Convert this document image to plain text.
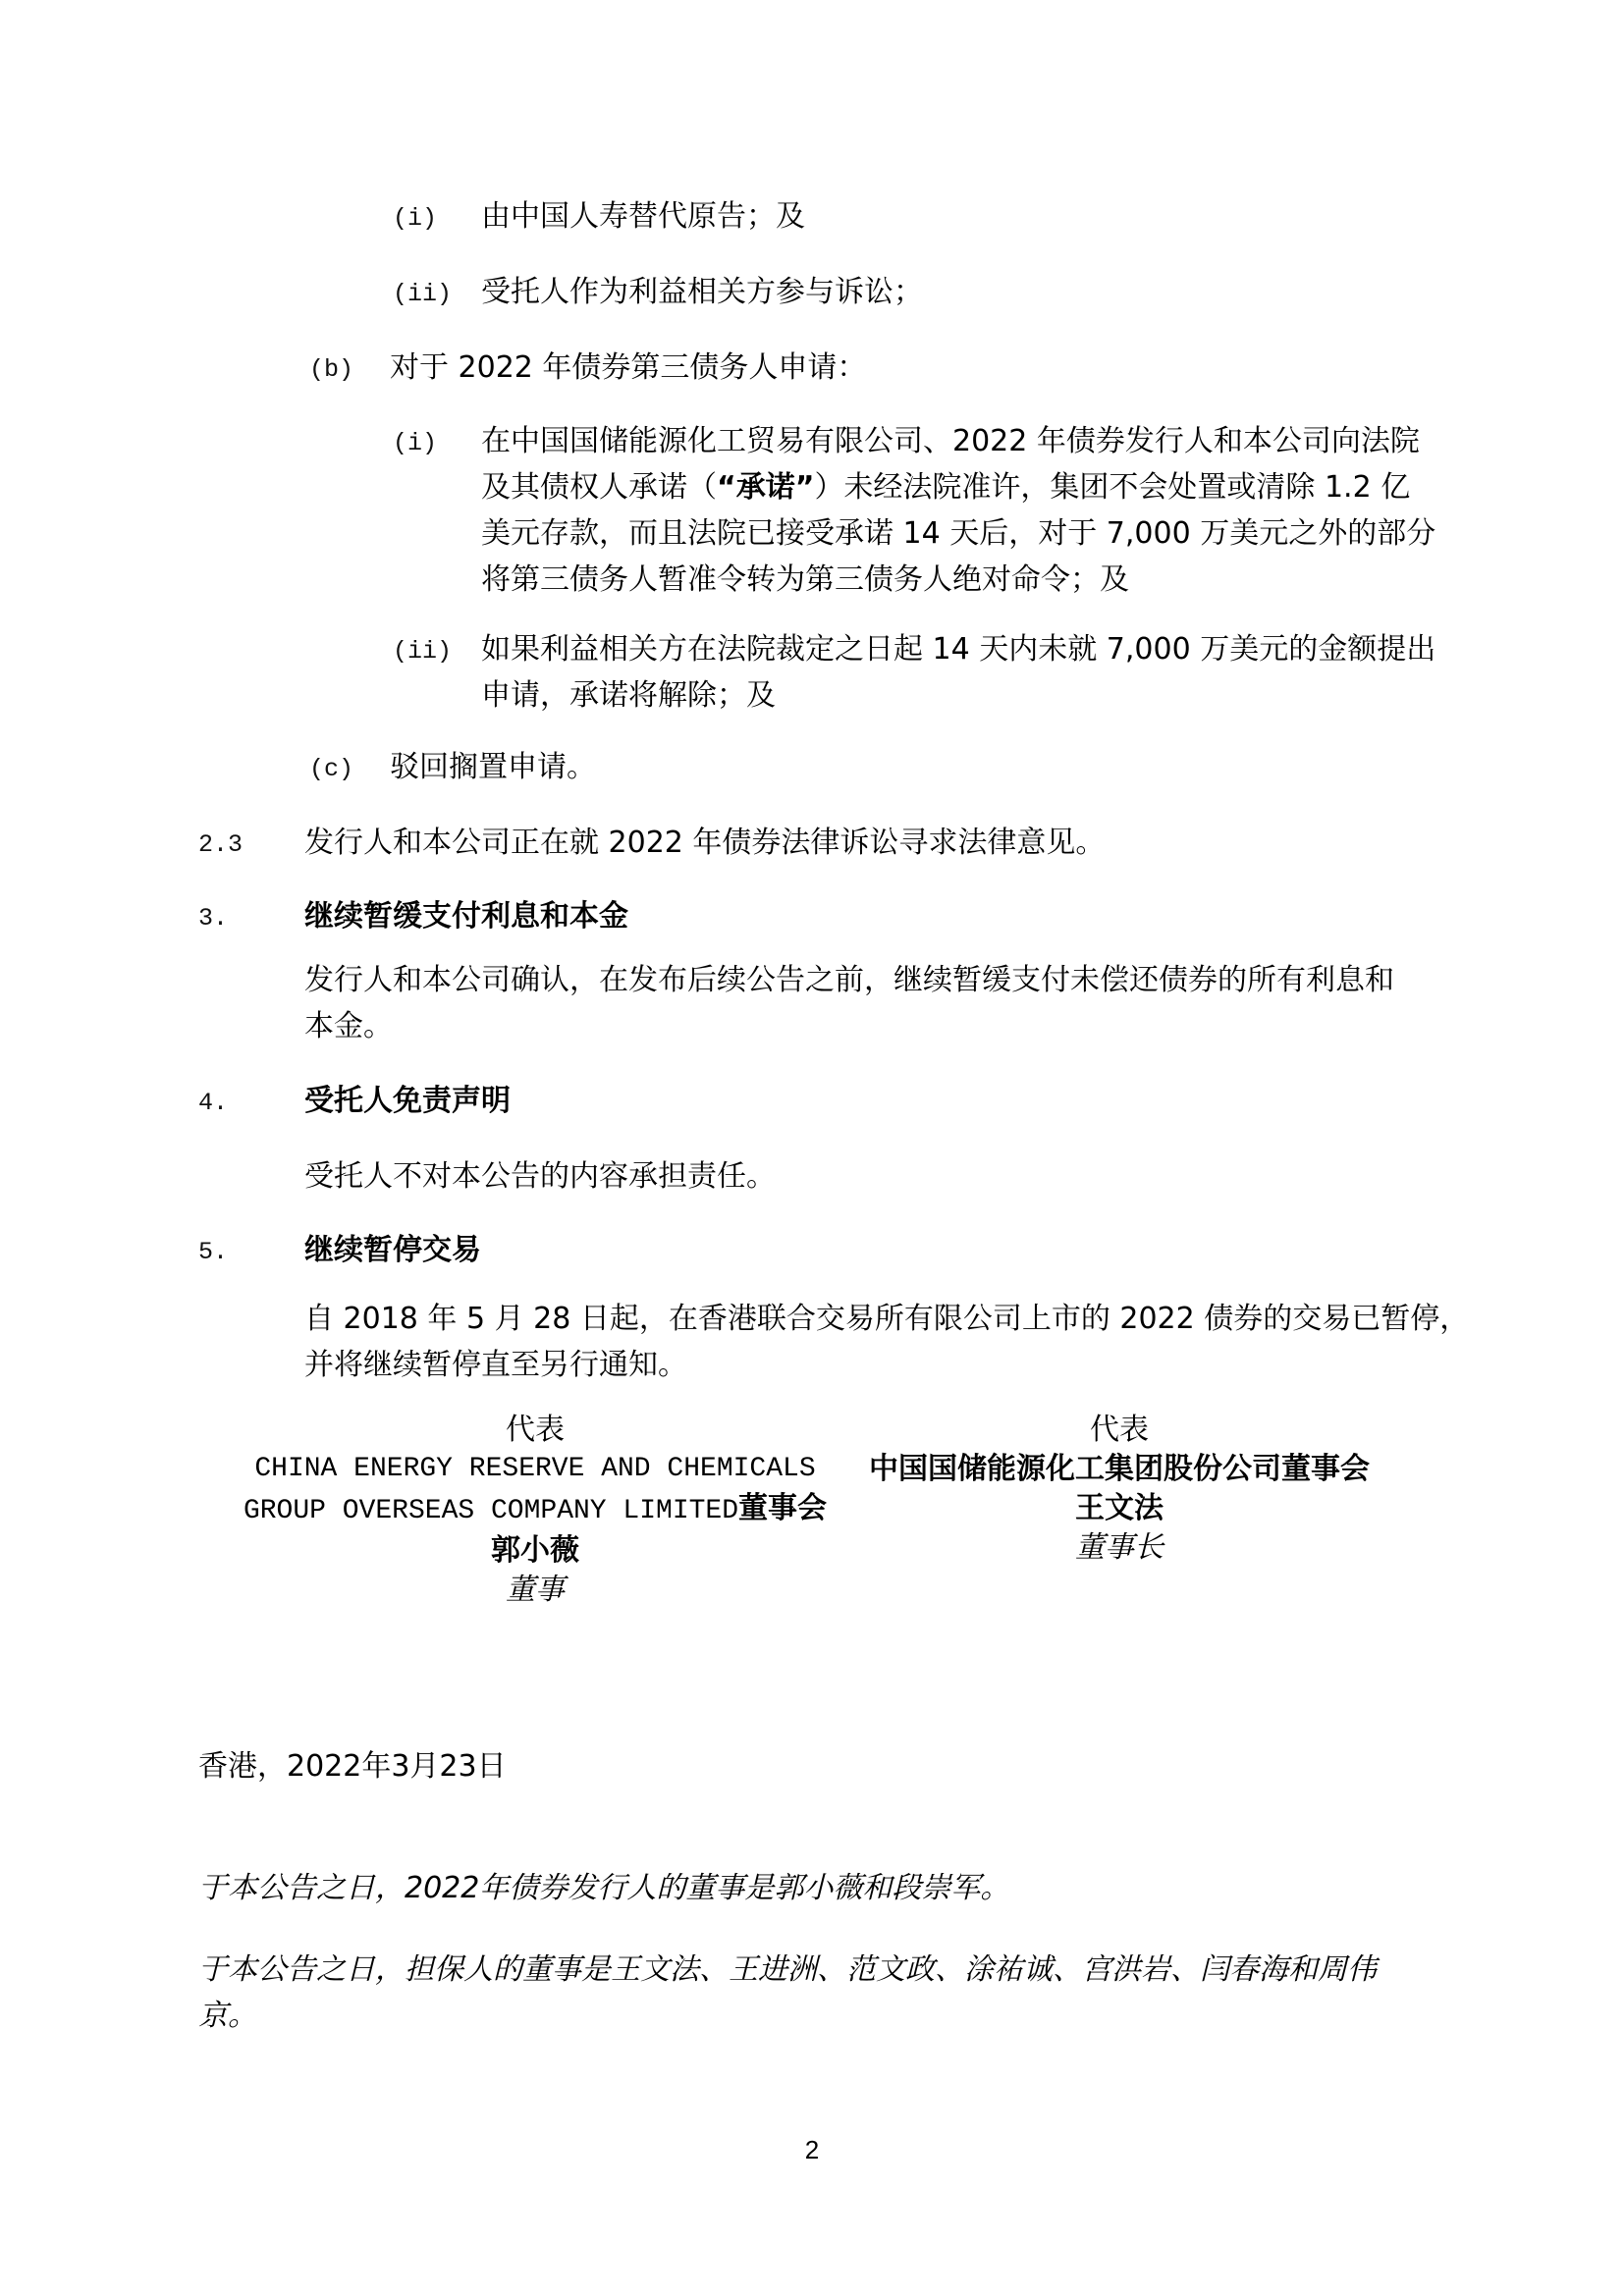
(i) 由中国人寿替代原告；及
(ii) 受托人作为利益相关方参与诉讼；
(b) 对于 2022 年债券第三债务人申请：
(i) 在中国国储能源化工贸易有限公司、2022 年债券发行人和本公司向法院
及其债权人承诺（“承诺”）未经法院准许，集团不会处置或清除 1.2 亿
美元存款，而且法院已接受承诺 14 天后，对于 7,000 万美元之外的部分
将第三债务人暂准令转为第三债务人绝对命令；及
(ii) 如果利益相关方在法院裁定之日起 14 天内未就 7,000 万美元的金额提出
申请，承诺将解除；及
(c) 驳回搁置申请。
2.3 发行人和本公司正在就 2022 年债券法律诉讼寻求法律意见。
3.	继续暂缓支付利息和本金
发行人和本公司确认，在发布后续公告之前，继续暂缓支付未偿还债券的所有利息和
本金。
4.	受托人免责声明
受托人不对本公告的内容承担责任。
5.	继续暂停交易
自 2018 年 5 月 28 日起，在香港联合交易所有限公司上市的 2022 债券的交易已暂停，
并将继续暂停直至另行通知。
代表
CHINA ENERGY RESERVE AND CHEMICALS
GROUP OVERSEAS COMPANY LIMITED董事会
郭小薇
董事
代表
中国国储能源化工集团股份公司董事会
王文法
董事长
香港，2022年3月23日
于本公告之日，2022年债券发行人的董事是郭小薇和段崇军。
于本公告之日，担保人的董事是王文法、王进洲、范文政、涂祐诚、宫洪岩、闫春海和周伟
京。
2
